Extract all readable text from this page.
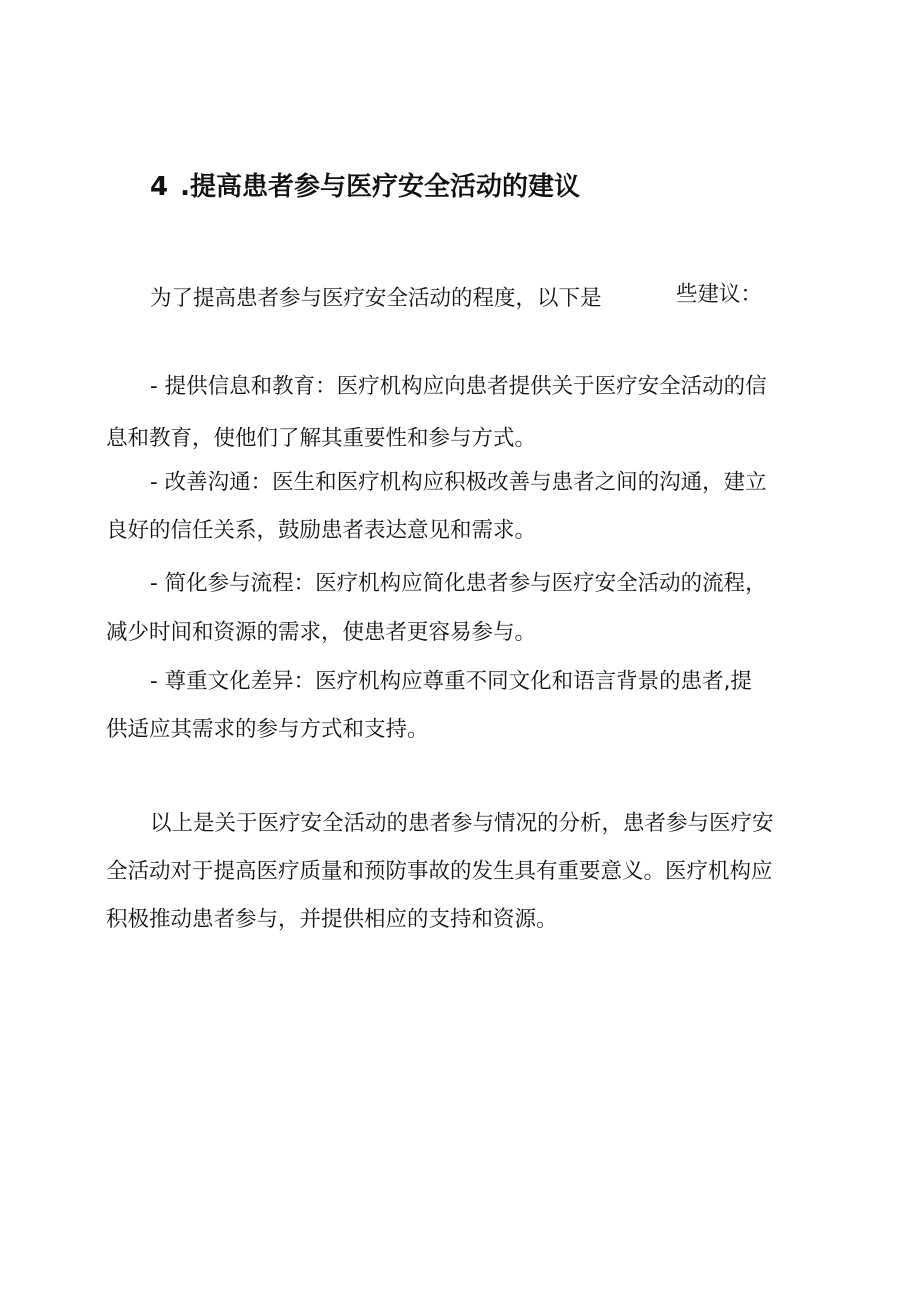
4 .提高患者参与医疗安全活动的建议
为了提高患者参与医疗安全活动的程度，以下是	些建议：
- 提供信息和教育：医疗机构应向患者提供关于医疗安全活动的信
息和教育，使他们了解其重要性和参与方式。
- 改善沟通：医生和医疗机构应积极改善与患者之间的沟通，建立
良好的信任关系，鼓励患者表达意见和需求。
- 简化参与流程：医疗机构应简化患者参与医疗安全活动的流程，
减少时间和资源的需求，使患者更容易参与。
- 尊重文化差异：医疗机构应尊重不同文化和语言背景的患者,提
供适应其需求的参与方式和支持。
以上是关于医疗安全活动的患者参与情况的分析，患者参与医疗安
全活动对于提高医疗质量和预防事故的发生具有重要意义。医疗机构应
积极推动患者参与，并提供相应的支持和资源。
